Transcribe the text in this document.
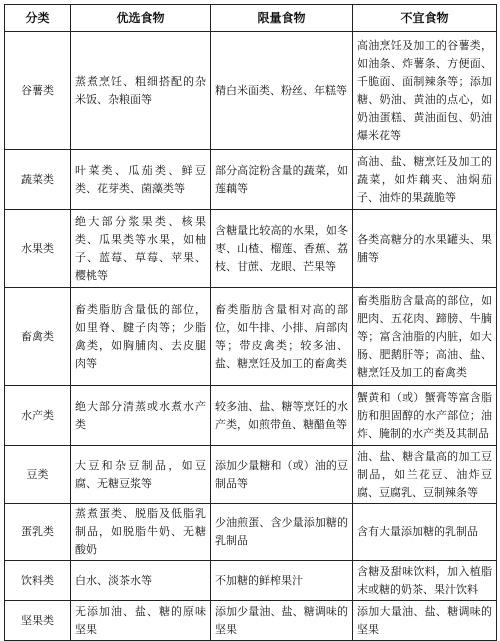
分类	优选食物	限量食物	不宜食物
谷薯类	蒸煮烹饪、粗细搭配的杂米饭、杂粮面等	精白米面类、粉丝、年糕等	高油烹饪及加工的谷薯类，如油条、炸薯条、方便面、千脆面、面制辣条等；添加糖、奶油、黄油的点心，如奶油蛋糕、黄油面包、奶油爆米花等
蔬菜类	叶菜类、瓜茄类、鲜豆类、花芽类、菌藻类等	部分高淀粉含量的蔬菜，如莲藕等	高油、盐、糖烹饪及加工的蔬菜，如炸藕夹、油焖茄子、油炸的果蔬脆等
水果类	绝大部分浆果类、核果类、瓜果类等水果，如柚子、蓝莓、草莓、苹果、樱桃等	含糖量比较高的水果，如冬枣、山楂、榴莲、香蕉、荔枝、甘蔗、龙眼、芒果等	各类高糖分的水果罐头、果脯等
畜禽类	畜类脂肪含量低的部位，如里脊、腱子肉等；少脂禽类，如胸脯肉、去皮腿肉等	畜类脂肪含量相对高的部位，如牛排、小排、肩部肉等；带皮禽类；较多油、盐、糖烹饪及加工的畜禽类	畜类脂肪含量高的部位，如肥肉、五花肉、蹄膀、牛腩等；富含油脂的内脏，如大肠、肥鹅肝等；高油、盐、糖烹饪及加工的畜禽类
水产类	绝大部分清蒸或水煮水产类	较多油、盐、糖等烹饪的水产类，如煎带鱼、糖醋鱼等	蟹黄和（或）蟹膏等富含脂肪和胆固醇的水产部位；油炸、腌制的水产类及其制品
豆类	大豆和杂豆制品，如豆腐、无糖豆浆等	添加少量糖和（或）油的豆制品等	油、盐、糖含量高的加工豆制品，如兰花豆、油炸豆腐、豆腐乳、豆制辣条等
蛋乳类	蒸煮蛋类、脱脂及低脂乳制品，如脱脂牛奶、无糖酸奶	少油煎蛋、含少量添加糖的乳制品	含有大量添加糖的乳制品
饮料类	白水、淡茶水等	不加糖的鲜榨果汁	含糖及甜味饮料，加入植脂末或糖的奶茶、果汁饮料
坚果类	无添加油、盐、糖的原味坚果	添加少量油、盐、糖调味的坚果	添加大量油、盐、糖调味的坚果
